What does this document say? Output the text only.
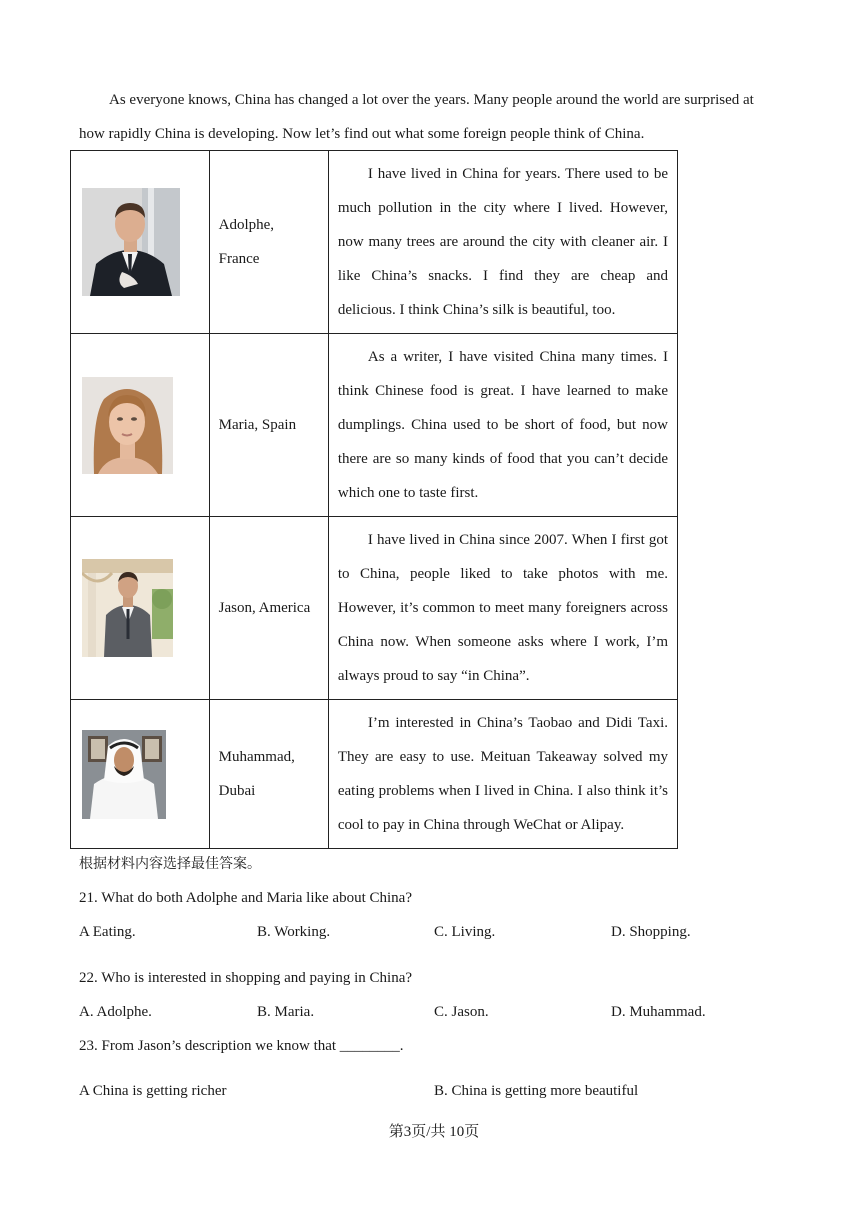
As everyone knows, China has changed a lot over the years. Many people around the world are surprised at
how rapidly China is developing. Now let’s find out what some foreign people think of China.
	Adolphe,
France	I have lived in China for years. There used to be much pollution in the city where I lived. However, now many trees are around the city with cleaner air. I like China’s snacks. I find they are cheap and delicious. I think China’s silk is beautiful, too.

	Maria, Spain	As a writer, I have visited China many times. I think Chinese food is great. I have learned to make dumplings. China used to be short of food, but now there are so many kinds of food that you can’t decide which one to taste first.

	Jason, America	I have lived in China since 2007. When I first got to China, people liked to take photos with me. However, it’s common to meet many foreigners across China now. When someone asks where I work, I’m always proud to say “in China”.

	Muhammad,
Dubai	I’m interested in China’s Taobao and Didi Taxi. They are easy to use. Meituan Takeaway solved my eating problems when I lived in China. I also think it’s cool to pay in China through WeChat or Alipay.
根据材料内容选择最佳答案。
21. What do both Adolphe and Maria like about China?
A Eating.	B. Working.	C. Living.	D. Shopping.
22. Who is interested in shopping and paying in China?
A. Adolphe.	B. Maria.	C. Jason.	D. Muhammad.
23. From Jason’s description we know that ________.
A China is getting richer	B. China is getting more beautiful
第3页/共 10页
